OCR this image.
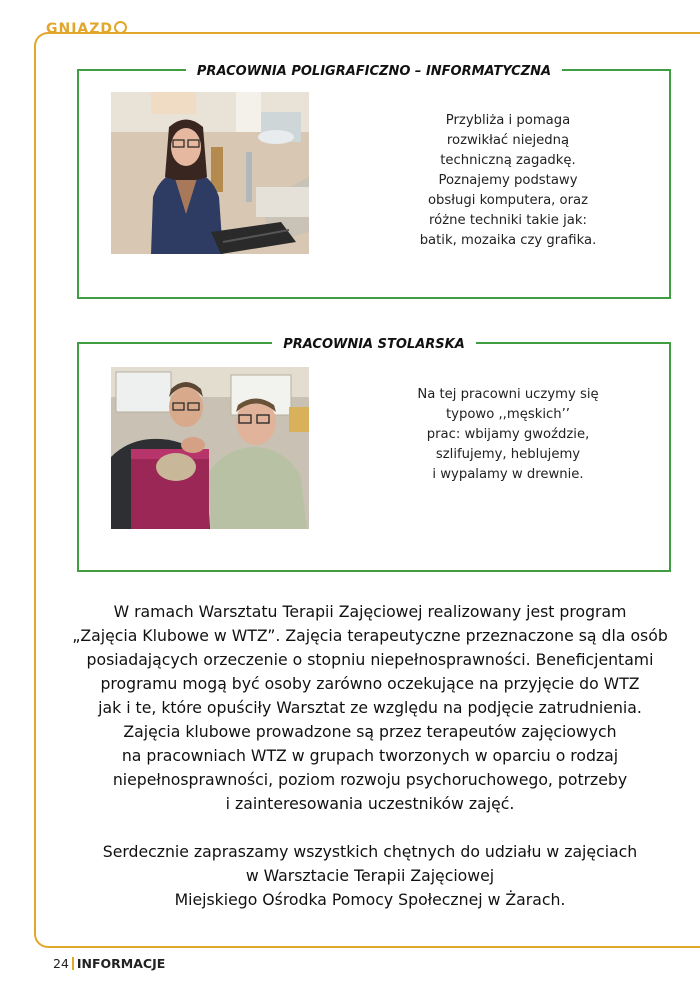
GNIAZD
PRACOWNIA POLIGRAFICZNO – INFORMATYCZNA
Przybliża i pomaga
rozwikłać niejedną
techniczną zagadkę.
Poznajemy podstawy
obsługi komputera, oraz
różne techniki takie jak:
batik, mozaika czy grafika.
PRACOWNIA STOLARSKA
Na tej pracowni uczymy się
typowo ,,męskich’’
prac: wbijamy gwoździe,
szlifujemy, heblujemy
i wypalamy w drewnie.
W ramach Warsztatu Terapii Zajęciowej realizowany jest program
„Zajęcia Klubowe w WTZ”. Zajęcia terapeutyczne przeznaczone są dla osób
posiadających orzeczenie o stopniu niepełnosprawności. Beneficjentami
programu mogą być osoby zarówno oczekujące na przyjęcie do WTZ
jak i te, które opuściły Warsztat ze względu na podjęcie zatrudnienia.
Zajęcia klubowe prowadzone są przez terapeutów zajęciowych
na pracowniach WTZ w grupach tworzonych w oparciu o rodzaj
niepełnosprawności, poziom rozwoju psychoruchowego, potrzeby
i zainteresowania uczestników zajęć.
Serdecznie zapraszamy wszystkich chętnych do udziału w zajęciach
w Warsztacie Terapii Zajęciowej
Miejskiego Ośrodka Pomocy Społecznej w Żarach.
24 INFORMACJE
